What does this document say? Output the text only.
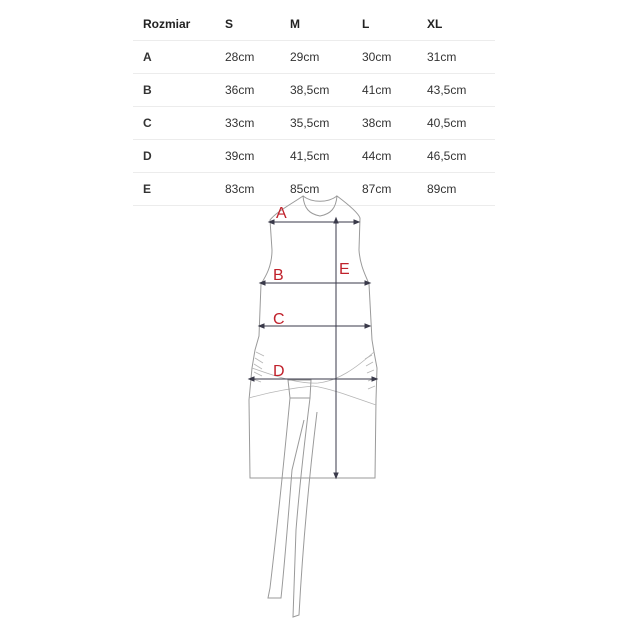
Rozmiar	S	M	L	XL
A	28cm	29cm	30cm	31cm
B	36cm	38,5cm	41cm	43,5cm
C	33cm	35,5cm	38cm	40,5cm
D	39cm	41,5cm	44cm	46,5cm
E	83cm	85cm	87cm	89cm
A
B
C
D
E
